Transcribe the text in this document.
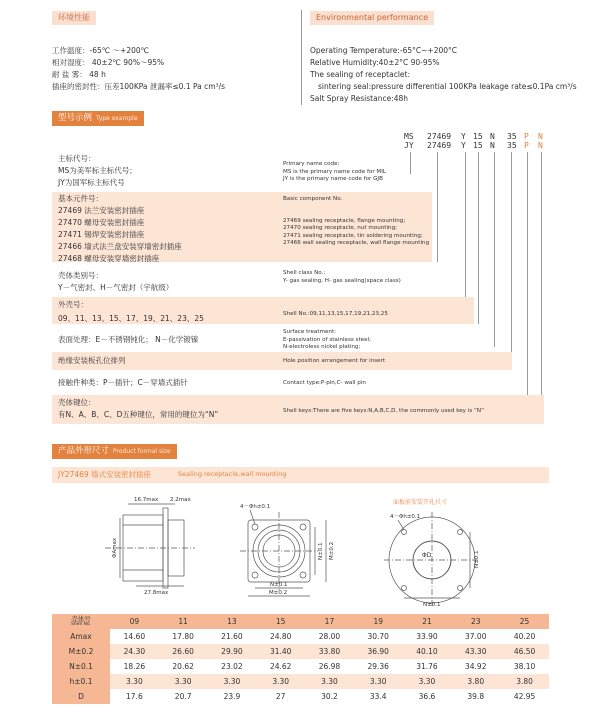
环境性能
工作温度：-65℃ ～+200℃
相对湿度： 40±2℃ 90%～95%
耐 盐 雾： 48 h
插座的密封性：压差100KPa 泄漏率≤0.1 Pa cm³/s
Environmental performance
Operating Temperature:-65°C~+200°C
Relative Humidity:40±2°C 90-95%
The sealing of receptaclet:
sintering seal:pressure differential 100KPa leakage rate≤0.1Pa cm³/s
Salt Spray Resistance:48h
型号示例 Type example
MS 27469 Y 15 N 35 P N
JY 27469 Y 15 N 35 P N
主标代号：
MS为美军标主标代号；
JY为国军标主标代号
Primary name code:
MS is the primary name code for MIL
JY is the primary name code for GJB
基本元件号：
27469 法兰安装密封插座
27470 螺母安装密封插座
27471 锡焊安装密封插座
27466 墙式法兰盘安装穿墙密封插座
27468 螺母安装穿墙密封插座
Basic component No.
27469 sealing receptacle, flange mounting;
27470 sealing receptacle, nut mounting;
27471 sealing receptacle, tin soldering mounting;
27466 wall sealing receptacle, wall flange mounting
壳体类别号：
Y－气密封、H－气密封（宇航级）
Shell class No.:
Y- gas sealing, H- gas sealing(space class)
外壳号：
09、11、13、15、17、19、21、23、25	Shell No.:09,11,13,15,17,19,21,23,25
表面处理：E－不锈钢钝化； N－化学镀镍
Surface treatment:
E-passivation of stainless steel;
N-electroless nickel plating;
绝缘安装板孔位排列	Hole position arrangement for insert
接触件种类：P－插针；C－穿墙式插针	Contact type:P-pin,C- wall pin
壳体键位：
有N、A、B、C、D五种键位，常用的键位为“N”	Shell keys:There are five keys:N,A,B,C,D, the commonly used key is “N”
产品外形尺寸 Product formal size
JY27469 墙式安装密封插座	Sealing receptacle,wall mounting
16.7max 2.2max
ΦAmax
27.8max
4－Φh±0.1
N±0.1 M±0.2
N±0.1
M±0.2
面板前安装开孔尺寸
4－Φh±0.1
ΦD	N±0.1
N±0.1
壳体号
Shell No.	09	11	13	15	17	19	21	23	25
Amax	14.60	17.80	21.60	24.80	28.00	30.70	33.90	37.00	40.20
M±0.2	24.30	26.60	29.90	31.40	33.80	36.90	40.10	43.30	46.50
N±0.1	18.26	20.62	23.02	24.62	26.98	29.36	31.76	34.92	38.10
h±0.1	3.30	3.30	3.30	3.30	3.30	3.30	3.30	3.80	3.80
D	17.6	20.7	23.9	27	30.2	33.4	36.6	39.8	42.95
